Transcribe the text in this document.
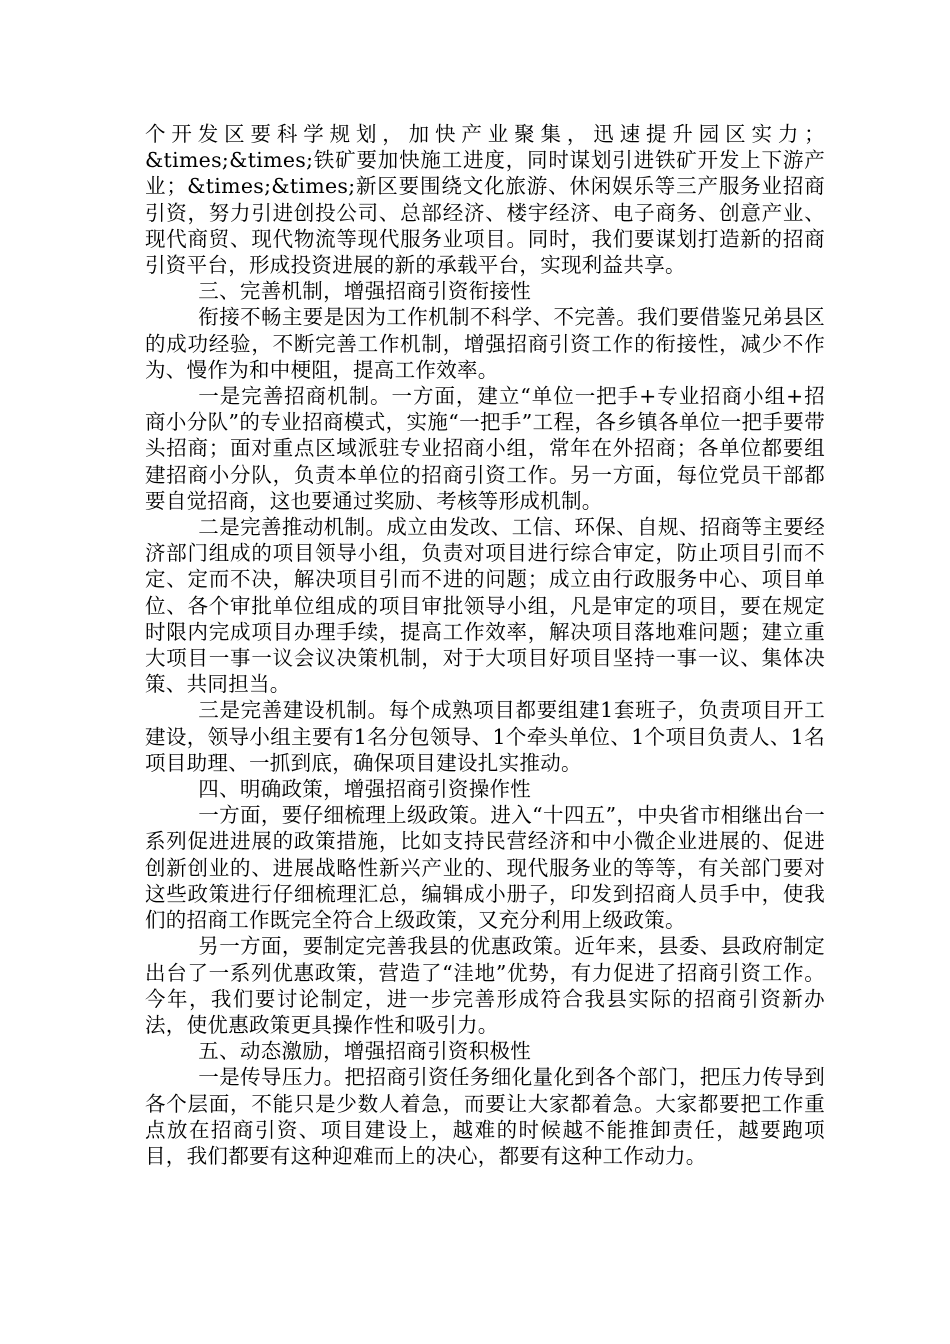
个开发区要科学规划，加快产业聚集，迅速提升园区实力；&times;&times;铁矿要加快施工进度，同时谋划引进铁矿开发上下游产业；&times;&times;新区要围绕文化旅游、休闲娱乐等三产服务业招商引资，努力引进创投公司、总部经济、楼宇经济、电子商务、创意产业、现代商贸、现代物流等现代服务业项目。同时，我们要谋划打造新的招商引资平台，形成投资进展的新的承载平台，实现利益共享。

三、完善机制，增强招商引资衔接性

衔接不畅主要是因为工作机制不科学、不完善。我们要借鉴兄弟县区的成功经验，不断完善工作机制，增强招商引资工作的衔接性，减少不作为、慢作为和中梗阻，提高工作效率。

一是完善招商机制。一方面，建立“单位一把手+专业招商小组+招商小分队”的专业招商模式，实施“一把手”工程，各乡镇各单位一把手要带头招商；面对重点区域派驻专业招商小组，常年在外招商；各单位都要组建招商小分队，负责本单位的招商引资工作。另一方面，每位党员干部都要自觉招商，这也要通过奖励、考核等形成机制。

二是完善推动机制。成立由发改、工信、环保、自规、招商等主要经济部门组成的项目领导小组，负责对项目进行综合审定，防止项目引而不定、定而不决，解决项目引而不进的问题；成立由行政服务中心、项目单位、各个审批单位组成的项目审批领导小组，凡是审定的项目，要在规定时限内完成项目办理手续，提高工作效率，解决项目落地难问题；建立重大项目一事一议会议决策机制，对于大项目好项目坚持一事一议、集体决策、共同担当。

三是完善建设机制。每个成熟项目都要组建1套班子，负责项目开工建设，领导小组主要有1名分包领导、1个牵头单位、1个项目负责人、1名项目助理、一抓到底，确保项目建设扎实推动。

四、明确政策，增强招商引资操作性

一方面，要仔细梳理上级政策。进入“十四五”，中央省市相继出台一系列促进进展的政策措施，比如支持民营经济和中小微企业进展的、促进创新创业的、进展战略性新兴产业的、现代服务业的等等，有关部门要对这些政策进行仔细梳理汇总，编辑成小册子，印发到招商人员手中，使我们的招商工作既完全符合上级政策，又充分利用上级政策。

另一方面，要制定完善我县的优惠政策。近年来，县委、县政府制定出台了一系列优惠政策，营造了“洼地”优势，有力促进了招商引资工作。今年，我们要讨论制定，进一步完善形成符合我县实际的招商引资新办法，使优惠政策更具操作性和吸引力。

五、动态激励，增强招商引资积极性

一是传导压力。把招商引资任务细化量化到各个部门，把压力传导到各个层面，不能只是少数人着急，而要让大家都着急。大家都要把工作重点放在招商引资、项目建设上，越难的时候越不能推卸责任，越要跑项目，我们都要有这种迎难而上的决心，都要有这种工作动力。
